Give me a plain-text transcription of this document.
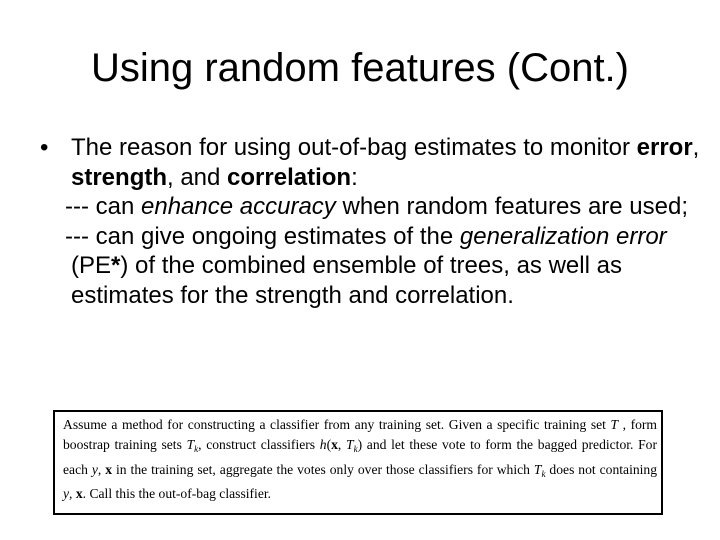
Using random features (Cont.)
• The reason for using out-of-bag estimates to monitor error, strength, and correlation:
--- can enhance accuracy when random features are used;
--- can give ongoing estimates of the generalization error (PE*) of the combined ensemble of trees, as well as estimates for the strength and correlation.
Assume a method for constructing a classifier from any training set. Given a specific training set T , form boostrap training sets $T_k$, construct classifiers h(x, $T_k$) and let these vote to form the bagged predictor. For each y, x in the training set, aggregate the votes only over those classifiers for which $T_k$ does not containing y, x. Call this the out-of-bag classifier.
